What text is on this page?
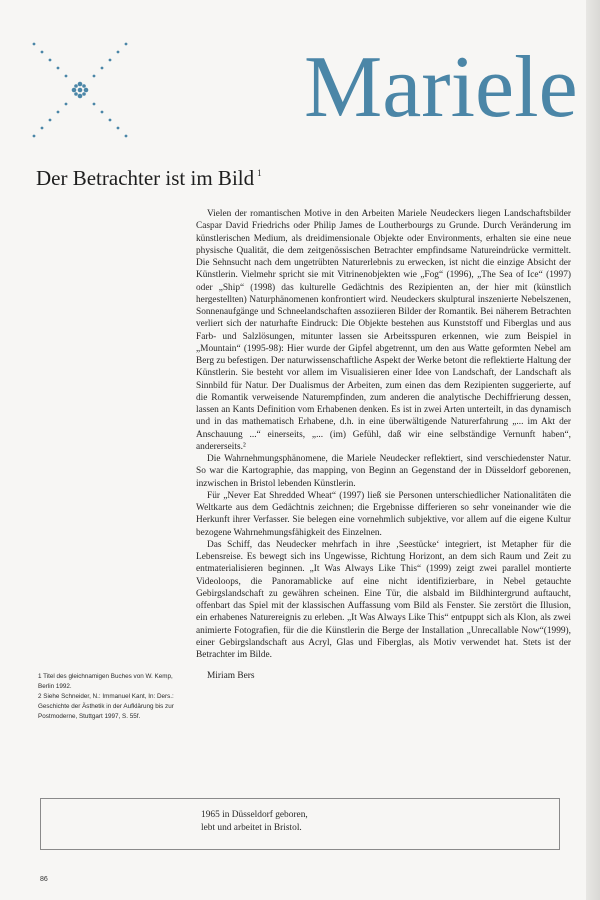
Mariele
Der Betrachter ist im Bild $^1$

Vielen der romantischen Motive in den Arbeiten Mariele Neudeckers liegen Landschaftsbilder Caspar David Friedrichs oder Philip James de Loutherbourgs zu Grunde. Durch Veränderung im künstlerischen Medium, als dreidimensionale Objekte oder Environments, erhalten sie eine neue physische Qualität, die dem zeitgenössischen Betrachter empfindsame Natureindrücke vermittelt. Die Sehnsucht nach dem ungetrübten Naturerlebnis zu erwecken, ist nicht die einzige Absicht der Künstlerin. Vielmehr spricht sie mit Vitrinenobjekten wie „Fog“ (1996), „The Sea of Ice“ (1997) oder „Ship“ (1998) das kulturelle Gedächtnis des Rezipienten an, der hier mit (künstlich hergestellten) Naturphänomenen konfrontiert wird. Neudeckers skulptural inszenierte Nebelszenen, Sonnenaufgänge und Schneelandschaften assoziieren Bilder der Romantik. Bei näherem Betrachten verliert sich der naturhafte Eindruck: Die Objekte bestehen aus Kunststoff und Fiberglas und aus Farb- und Salzlösungen, mitunter lassen sie Arbeitsspuren erkennen, wie zum Beispiel in „Mountain“ (1995-98): Hier wurde der Gipfel abgetrennt, um den aus Watte geformten Nebel am Berg zu befestigen. Der naturwissenschaftliche Aspekt der Werke betont die reflektierte Haltung der Künstlerin. Sie besteht vor allem im Visualisieren einer Idee von Landschaft, der Landschaft als Sinnbild für Natur. Der Dualismus der Arbeiten, zum einen das dem Rezipienten suggerierte, auf die Romantik verweisende Naturempfinden, zum anderen die analytische Dechiffrierung dessen, lassen an Kants Definition vom Erhabenen denken. Es ist in zwei Arten unterteilt, in das dynamisch und in das mathematisch Erhabene, d.h. in eine überwältigende Naturerfahrung „... im Akt der Anschauung ...“ einerseits, „... (im) Gefühl, daß wir eine selbständige Vernunft haben“, andererseits.²

Die Wahrnehmungsphänomene, die Mariele Neudecker reflektiert, sind verschiedenster Natur. So war die Kartographie, das mapping, von Beginn an Gegenstand der in Düsseldorf geborenen, inzwischen in Bristol lebenden Künstlerin.

Für „Never Eat Shredded Wheat“ (1997) ließ sie Personen unterschiedlicher Nationalitäten die Weltkarte aus dem Gedächtnis zeichnen; die Ergebnisse differieren so sehr voneinander wie die Herkunft ihrer Verfasser. Sie belegen eine vornehmlich subjektive, vor allem auf die eigene Kultur bezogene Wahrnehmungsfähigkeit des Einzelnen.

Das Schiff, das Neudecker mehrfach in ihre ‚Seestücke‘ integriert, ist Metapher für die Lebensreise. Es bewegt sich ins Ungewisse, Richtung Horizont, an dem sich Raum und Zeit zu entmaterialisieren beginnen. „It Was Always Like This“ (1999) zeigt zwei parallel montierte Videoloops, die Panoramablicke auf eine nicht identifizierbare, in Nebel getauchte Gebirgslandschaft zu gewähren scheinen. Eine Tür, die alsbald im Bildhintergrund auftaucht, offenbart das Spiel mit der klassischen Auffassung vom Bild als Fenster. Sie zerstört die Illusion, ein erhabenes Naturereignis zu erleben. „It Was Always Like This“ entpuppt sich als Klon, als zwei animierte Fotografien, für die die Künstlerin die Berge der Installation „Unrecallable Now“(1999), einer Gebirgslandschaft aus Acryl, Glas und Fiberglas, als Motiv verwendet hat. Stets ist der Betrachter im Bilde.

Miriam Bers

1 Titel des gleichnamigen Buches von W. Kemp, Berlin 1992.

2 Siehe Schneider, N.: Immanuel Kant, In: Ders.: Geschichte der Ästhetik in der Aufklärung bis zur Postmoderne, Stuttgart 1997, S. 55f.

1965 in Düsseldorf geboren,
lebt und arbeitet in Bristol.

86
